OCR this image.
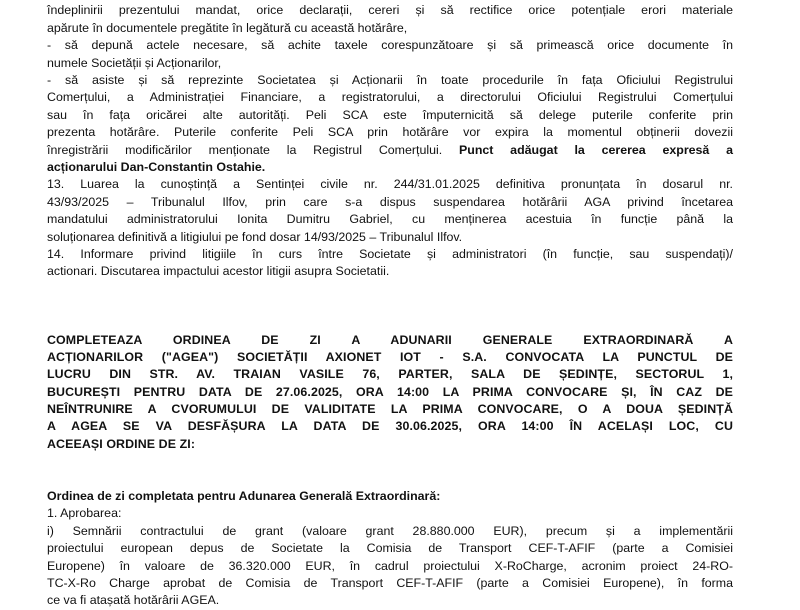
îndeplinirii prezentului mandat, orice declarații, cereri și să rectifice orice potențiale erori materiale
apărute în documentele pregătite în legătură cu această hotărâre,
- să depună actele necesare, să achite taxele corespunzătoare și să primească orice documente în
numele Societății și Acționarilor,
- să asiste și să reprezinte Societatea și Acționarii în toate procedurile în fața Oficiului Registrului
Comerțului, a Administrației Financiare, a registratorului, a directorului Oficiului Registrului Comerțului
sau în fața oricărei alte autorități. Peli SCA este împuternicită să delege puterile conferite prin
prezenta hotărâre. Puterile conferite Peli SCA prin hotărâre vor expira la momentul obținerii dovezii
înregistrării modificărilor menționate la Registrul Comerțului. Punct adăugat la cererea expresă a
acționarului Dan-Constantin Ostahie.
13. Luarea la cunoștință a Sentinței civile nr. 244/31.01.2025 definitiva pronunțata în dosarul nr.
43/93/2025 – Tribunalul Ilfov, prin care s-a dispus suspendarea hotărârii AGA privind încetarea
mandatului administratorului Ionita Dumitru Gabriel, cu menținerea acestuia în funcție până la
soluționarea definitivă a litigiului pe fond dosar 14/93/2025 – Tribunalul Ilfov.
14. Informare privind litigiile în curs între Societate și administratori (în funcție, sau suspendați)/
actionari. Discutarea impactului acestor litigii asupra Societatii.
COMPLETEAZA ORDINEA DE ZI A ADUNARII GENERALE EXTRAORDINARĂ A
ACȚIONARILOR ("AGEA") SOCIETĂȚII AXIONET IOT - S.A. CONVOCATA LA PUNCTUL DE
LUCRU DIN STR. AV. TRAIAN VASILE 76, PARTER, SALA DE ȘEDINȚE, SECTORUL 1,
BUCUREȘTI PENTRU DATA DE 27.06.2025, ORA 14:00 LA PRIMA CONVOCARE ȘI, ÎN CAZ DE
NEÎNTRUNIRE A CVORUMULUI DE VALIDITATE LA PRIMA CONVOCARE, O A DOUA ȘEDINȚĂ
A AGEA SE VA DESFĂȘURA LA DATA DE 30.06.2025, ORA 14:00 ÎN ACELAȘI LOC, CU
ACEEAȘI ORDINE DE ZI:
Ordinea de zi completata pentru Adunarea Generală Extraordinară:
1. Aprobarea:
i) Semnării contractului de grant (valoare grant 28.880.000 EUR), precum și a implementării
proiectului european depus de Societate la Comisia de Transport CEF-T-AFIF (parte a Comisiei
Europene) în valoare de 36.320.000 EUR, în cadrul proiectului X-RoCharge, acronim proiect 24-RO-
TC-X-Ro Charge aprobat de Comisia de Transport CEF-T-AFIF (parte a Comisiei Europene), în forma
ce va fi atașată hotărârii AGEA.
